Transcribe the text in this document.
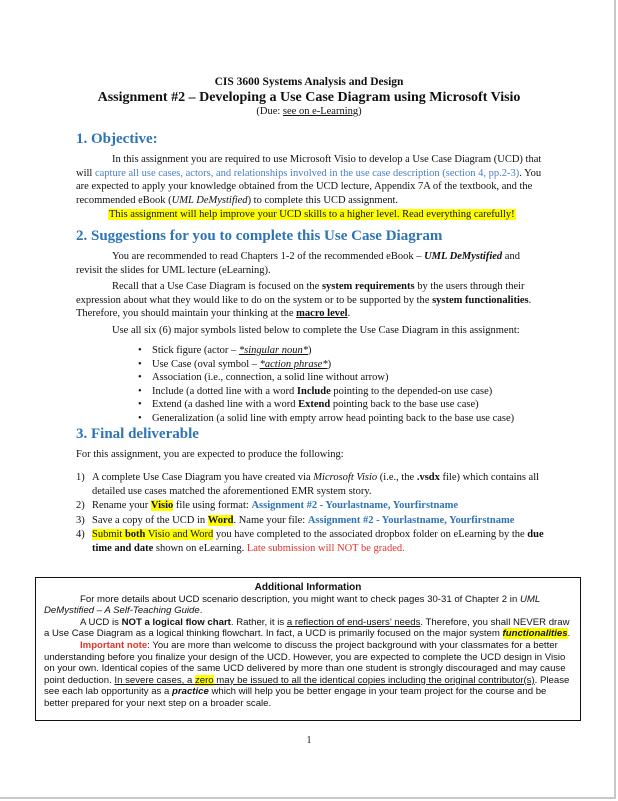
CIS 3600 Systems Analysis and Design
Assignment #2 – Developing a Use Case Diagram using Microsoft Visio
(Due: see on e-Learning)
1. Objective:
In this assignment you are required to use Microsoft Visio to develop a Use Case Diagram (UCD) that will capture all use cases, actors, and relationships involved in the use case description (section 4, pp.2-3). You are expected to apply your knowledge obtained from the UCD lecture, Appendix 7A of the textbook, and the recommended eBook (UML DeMystified) to complete this UCD assignment.
This assignment will help improve your UCD skills to a higher level. Read everything carefully!
2. Suggestions for you to complete this Use Case Diagram
You are recommended to read Chapters 1-2 of the recommended eBook – UML DeMystified and revisit the slides for UML lecture (eLearning).
Recall that a Use Case Diagram is focused on the system requirements by the users through their expression about what they would like to do on the system or to be supported by the system functionalities. Therefore, you should maintain your thinking at the macro level.
Use all six (6) major symbols listed below to complete the Use Case Diagram in this assignment:
• Stick figure (actor – *singular noun*)
• Use Case (oval symbol – *action phrase*)
• Association (i.e., connection, a solid line without arrow)
• Include (a dotted line with a word Include pointing to the depended-on use case)
• Extend (a dashed line with a word Extend pointing back to the base use case)
• Generalization (a solid line with empty arrow head pointing back to the base use case)
3. Final deliverable
For this assignment, you are expected to produce the following:
1) A complete Use Case Diagram you have created via Microsoft Visio (i.e., the .vsdx file) which contains all detailed use cases matched the aforementioned EMR system story.
2) Rename your Visio file using format: Assignment #2 - Yourlastname, Yourfirstname
3) Save a copy of the UCD in Word. Name your file: Assignment #2 - Yourlastname, Yourfirstname
4) Submit both Visio and Word you have completed to the associated dropbox folder on eLearning by the due time and date shown on eLearning. Late submission will NOT be graded.
Additional Information

For more details about UCD scenario description, you might want to check pages 30-31 of Chapter 2 in UML DeMystified – A Self-Teaching Guide.

A UCD is NOT a logical flow chart. Rather, it is a reflection of end-users’ needs. Therefore, you shall NEVER draw a Use Case Diagram as a logical thinking flowchart. In fact, a UCD is primarily focused on the major system functionalities.

Important note: You are more than welcome to discuss the project background with your classmates for a better understanding before you finalize your design of the UCD. However, you are expected to complete the UCD design in Visio on your own. Identical copies of the same UCD delivered by more than one student is strongly discouraged and may cause point deduction. In severe cases, a zero may be issued to all the identical copies including the original contributor(s). Please see each lab opportunity as a practice which will help you be better engage in your team project for the course and be better prepared for your next step on a broader scale.

1
